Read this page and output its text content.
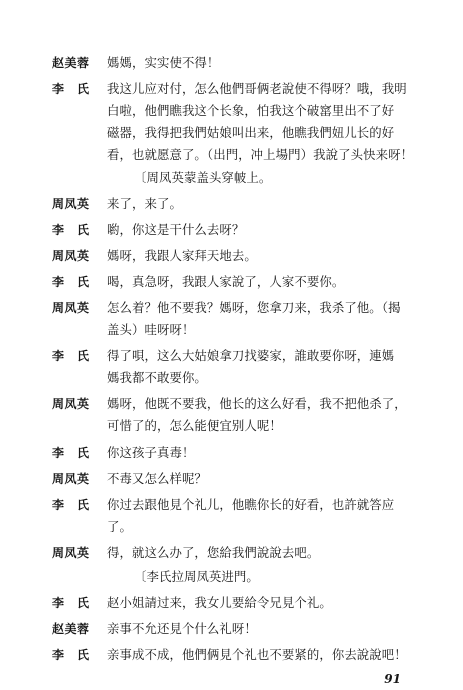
赵美蓉 媽媽，实实使不得！
李　氏 我这儿应对付，怎么他們哥俩老說使不得呀？哦，我明
白啦，他們瞧我这个长象，怕我这个破窰里出不了好
磁器，我得把我們姑娘叫出来，他瞧我們妞儿长的好
看，也就愿意了。（出門，冲上場門）我說了头快来呀！
〔周凤英蒙盖头穿帔上。
周凤英 来了，来了。
李　氏 喲，你这是干什么去呀？
周凤英 媽呀，我跟人家拜天地去。
李　氏 喝，真急呀，我跟人家說了，人家不要你。
周凤英 怎么着？他不要我？媽呀，您拿刀来，我杀了他。（揭
盖头）哇呀呀！
李　氏 得了唄，这么大姑娘拿刀找婆家，誰敢要你呀，連媽
媽我都不敢要你。
周凤英 媽呀，他既不要我，他长的这么好看，我不把他杀了，
可惜了的，怎么能便宜别人呢！
李　氏 你这孩子真毒！
周凤英 不毒又怎么样呢？
李　氏 你过去跟他見个礼儿，他瞧你长的好看，也許就答应
了。
周凤英 得，就这么办了，您給我們說說去吧。
〔李氏拉周凤英进門。
李　氏 赵小姐請过来，我女儿要給令兄見个礼。
赵美蓉 亲事不允还見个什么礼呀！
李　氏 亲事成不成，他們俩見个礼也不要紧的，你去說說吧！
91
